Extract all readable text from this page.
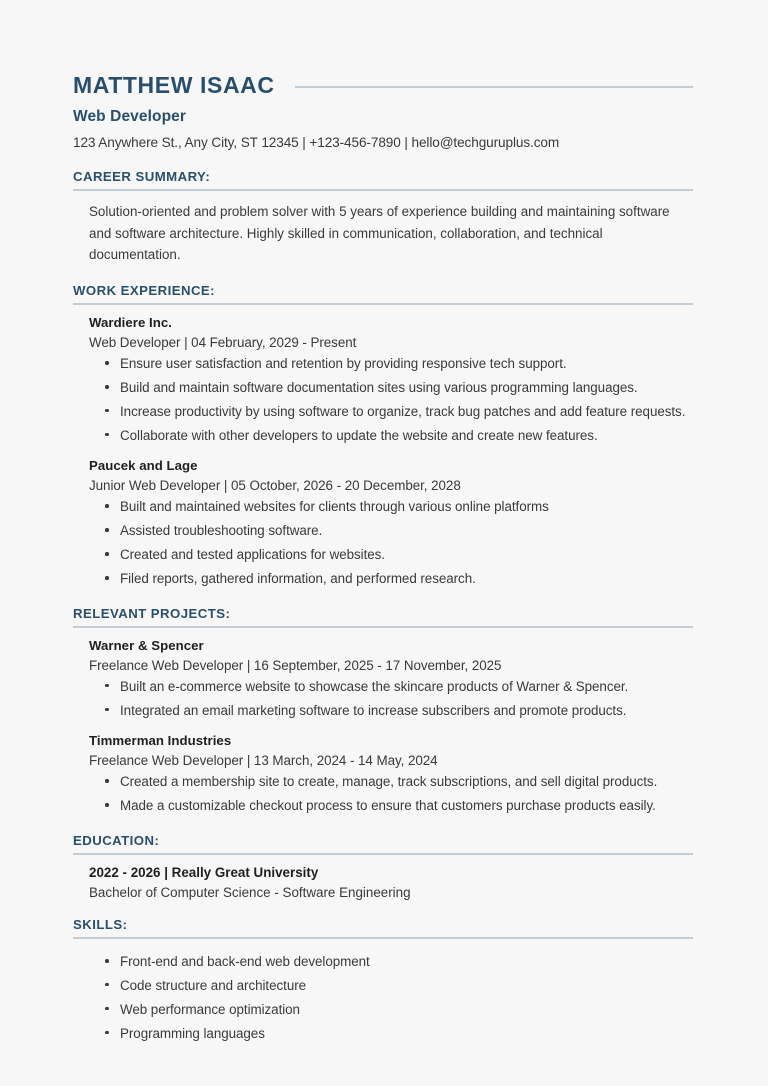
MATTHEW ISAAC
Web Developer
123 Anywhere St., Any City, ST 12345 | +123-456-7890 | hello@techguruplus.com
CAREER SUMMARY:
Solution-oriented and problem solver with 5 years of experience building and maintaining software and software architecture. Highly skilled in communication, collaboration, and technical documentation.
WORK EXPERIENCE:
Wardiere Inc.
Web Developer | 04 February, 2029 - Present
Ensure user satisfaction and retention by providing responsive tech support.
Build and maintain software documentation sites using various programming languages.
Increase productivity by using software to organize, track bug patches and add feature requests.
Collaborate with other developers to update the website and create new features.
Paucek and Lage
Junior Web Developer | 05 October, 2026 - 20 December, 2028
Built and maintained websites for clients through various online platforms
Assisted troubleshooting software.
Created and tested applications for websites.
Filed reports, gathered information, and performed research.
RELEVANT PROJECTS:
Warner & Spencer
Freelance Web Developer | 16 September, 2025 - 17 November, 2025
Built an e-commerce website to showcase the skincare products of Warner & Spencer.
Integrated an email marketing software to increase subscribers and promote products.
Timmerman Industries
Freelance Web Developer | 13 March, 2024 - 14 May, 2024
Created a membership site to create, manage, track subscriptions, and sell digital products.
Made a customizable checkout process to ensure that customers purchase products easily.
EDUCATION:
2022 - 2026 | Really Great University
Bachelor of Computer Science - Software Engineering
SKILLS:
Front-end and back-end web development
Code structure and architecture
Web performance optimization
Programming languages
